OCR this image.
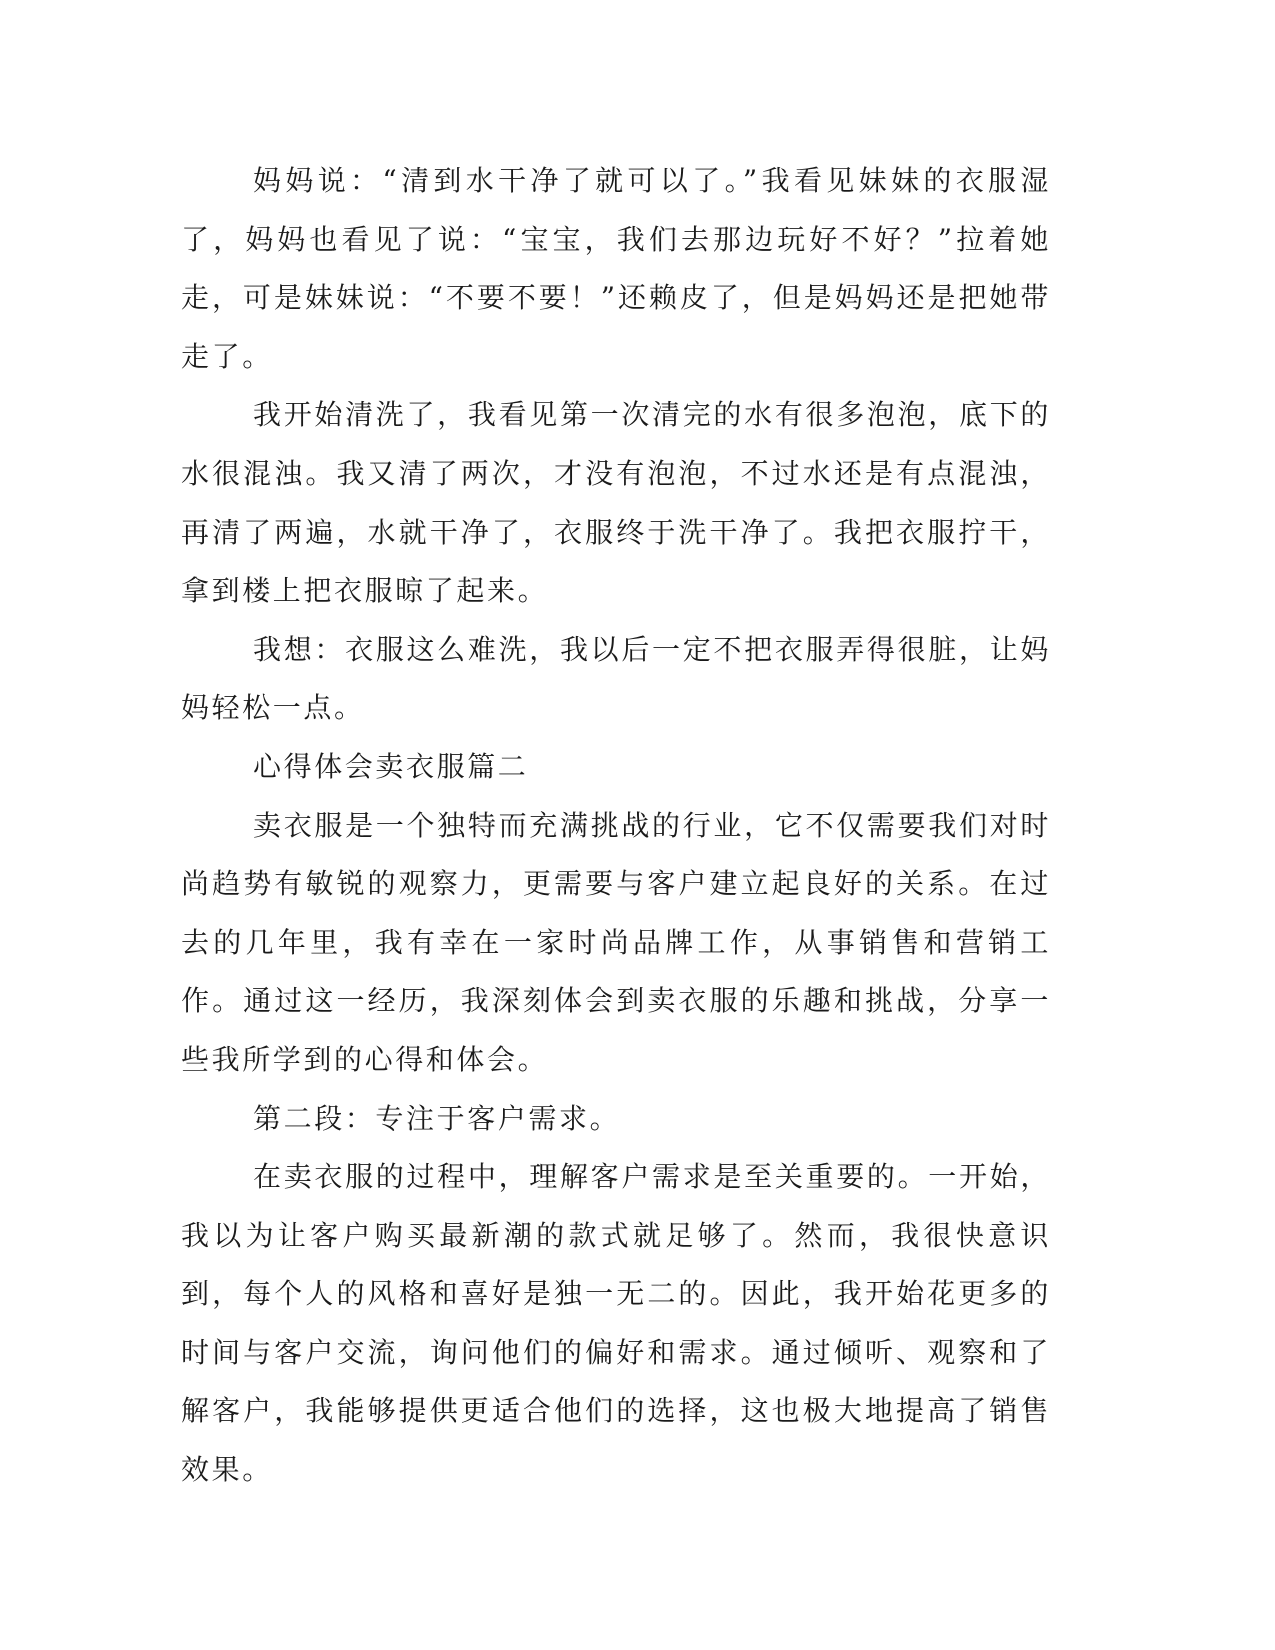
妈妈说：“清到水干净了就可以了。”我看见妹妹的衣服湿了，妈妈也看见了说：“宝宝，我们去那边玩好不好？”拉着她走，可是妹妹说：“不要不要！”还赖皮了，但是妈妈还是把她带走了。

我开始清洗了，我看见第一次清完的水有很多泡泡，底下的水很混浊。我又清了两次，才没有泡泡，不过水还是有点混浊，再清了两遍，水就干净了，衣服终于洗干净了。我把衣服拧干，拿到楼上把衣服晾了起来。

我想：衣服这么难洗，我以后一定不把衣服弄得很脏，让妈妈轻松一点。

心得体会卖衣服篇二

卖衣服是一个独特而充满挑战的行业，它不仅需要我们对时尚趋势有敏锐的观察力，更需要与客户建立起良好的关系。在过去的几年里，我有幸在一家时尚品牌工作，从事销售和营销工作。通过这一经历，我深刻体会到卖衣服的乐趣和挑战，分享一些我所学到的心得和体会。

第二段：专注于客户需求。

在卖衣服的过程中，理解客户需求是至关重要的。一开始，我以为让客户购买最新潮的款式就足够了。然而，我很快意识到，每个人的风格和喜好是独一无二的。因此，我开始花更多的时间与客户交流，询问他们的偏好和需求。通过倾听、观察和了解客户，我能够提供更适合他们的选择，这也极大地提高了销售效果。
